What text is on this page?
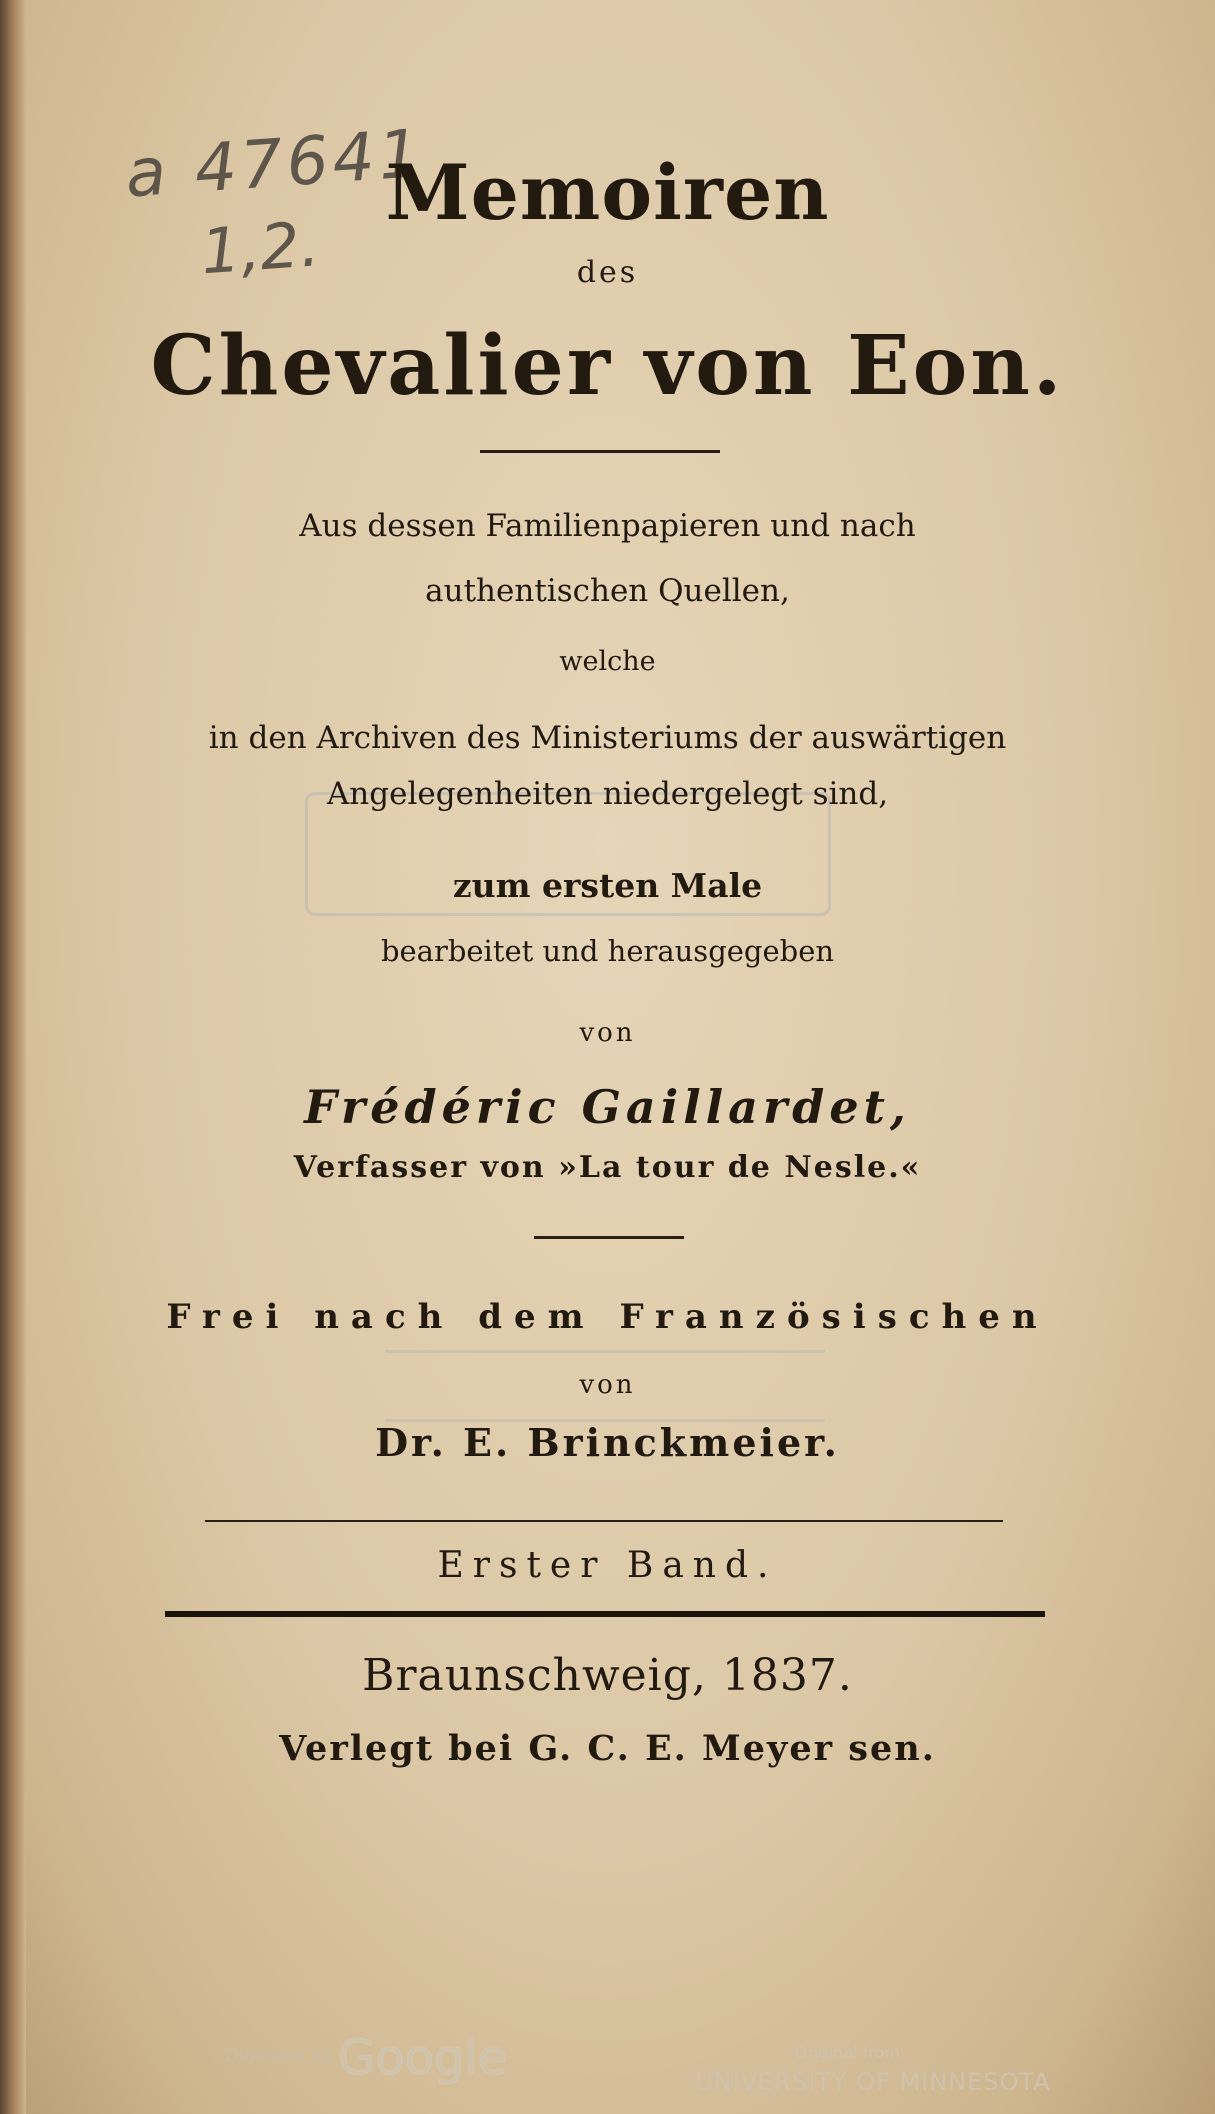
a 47641
1,2.
Memoiren
des
Chevalier von Eon.
Aus dessen Familienpapieren und nach
authentischen Quellen,
welche
in den Archiven des Ministeriums der auswärtigen
Angelegenheiten niedergelegt sind,
zum ersten Male
bearbeitet und herausgegeben
von
Frédéric Gaillardet,
Verfasser von »La tour de Nesle.«
Frei nach dem Französischen
von
Dr. E. Brinckmeier.
Erster Band.
Braunschweig, 1837.
Verlegt bei G. C. E. Meyer sen.
Digitized by Google	Original from
UNIVERSITY OF MINNESOTA
